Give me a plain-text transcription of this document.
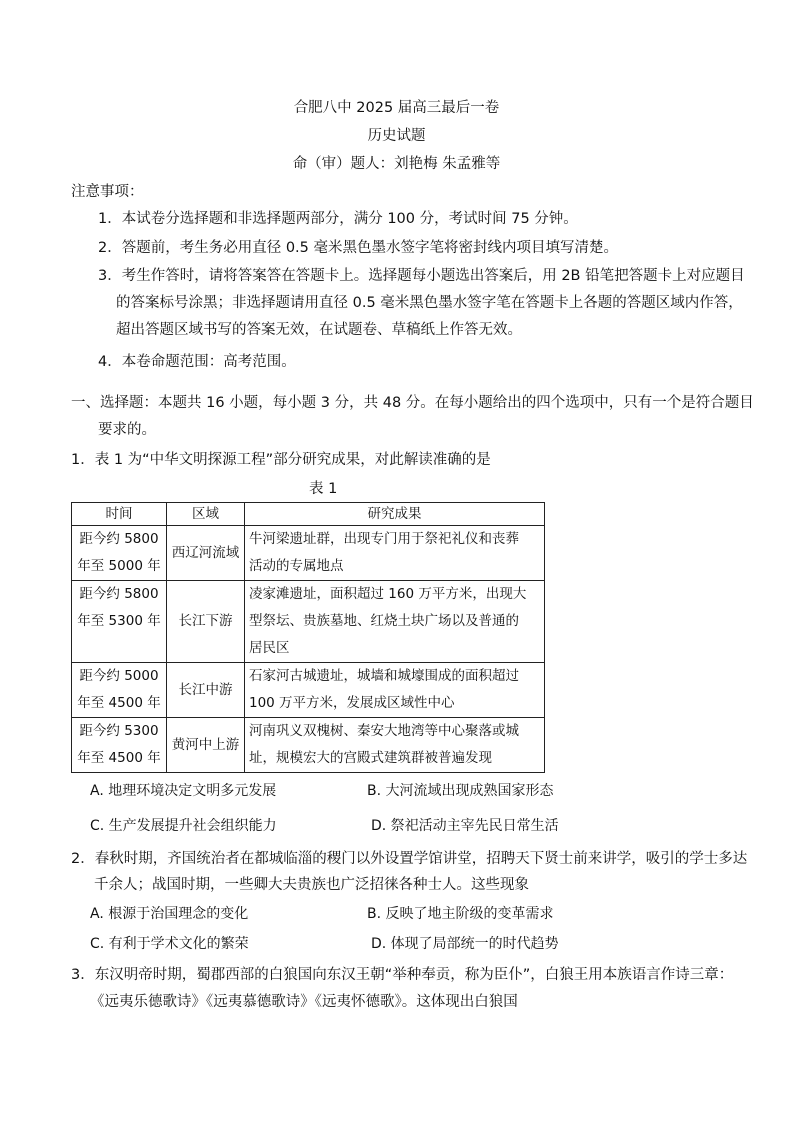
合肥八中 2025 届高三最后一卷
历史试题
命（审）题人：刘艳梅 朱孟雅等
注意事项：
1．本试卷分选择题和非选择题两部分，满分 100 分，考试时间 75 分钟。
2．答题前，考生务必用直径 0.5 毫米黑色墨水签字笔将密封线内项目填写清楚。
3．考生作答时，请将答案答在答题卡上。选择题每小题选出答案后，用 2B 铅笔把答题卡上对应题目
的答案标号涂黑；非选择题请用直径 0.5 毫米黑色墨水签字笔在答题卡上各题的答题区域内作答，
超出答题区域书写的答案无效，在试题卷、草稿纸上作答无效。
4．本卷命题范围：高考范围。
一、选择题：本题共 16 小题，每小题 3 分，共 48 分。在每小题给出的四个选项中，只有一个是符合题目
要求的。
1．表 1 为“中华文明探源工程”部分研究成果，对此解读准确的是
表 1
时间	区域	研究成果
距今约 5800
年至 5000 年	西辽河流域	牛河梁遗址群，出现专门用于祭祀礼仪和丧葬
活动的专属地点
距今约 5800
年至 5300 年	长江下游	凌家滩遗址，面积超过 160 万平方米，出现大
型祭坛、贵族墓地、红烧土块广场以及普通的
居民区
距今约 5000
年至 4500 年	长江中游	石家河古城遗址，城墙和城壕围成的面积超过
100 万平方米，发展成区域性中心
距今约 5300
年至 4500 年	黄河中上游	河南巩义双槐树、秦安大地湾等中心聚落或城
址，规模宏大的宫殿式建筑群被普遍发现
A. 地理环境决定文明多元发展	B. 大河流域出现成熟国家形态
C. 生产发展提升社会组织能力	D. 祭祀活动主宰先民日常生活
2．春秋时期，齐国统治者在都城临淄的稷门以外设置学馆讲堂，招聘天下贤士前来讲学，吸引的学士多达
千余人；战国时期，一些卿大夫贵族也广泛招徕各种士人。这些现象
A. 根源于治国理念的变化	B. 反映了地主阶级的变革需求
C. 有利于学术文化的繁荣	D. 体现了局部统一的时代趋势
3．东汉明帝时期，蜀郡西部的白狼国向东汉王朝“举种奉贡，称为臣仆”，白狼王用本族语言作诗三章：
《远夷乐德歌诗》《远夷慕德歌诗》《远夷怀德歌》。这体现出白狼国
